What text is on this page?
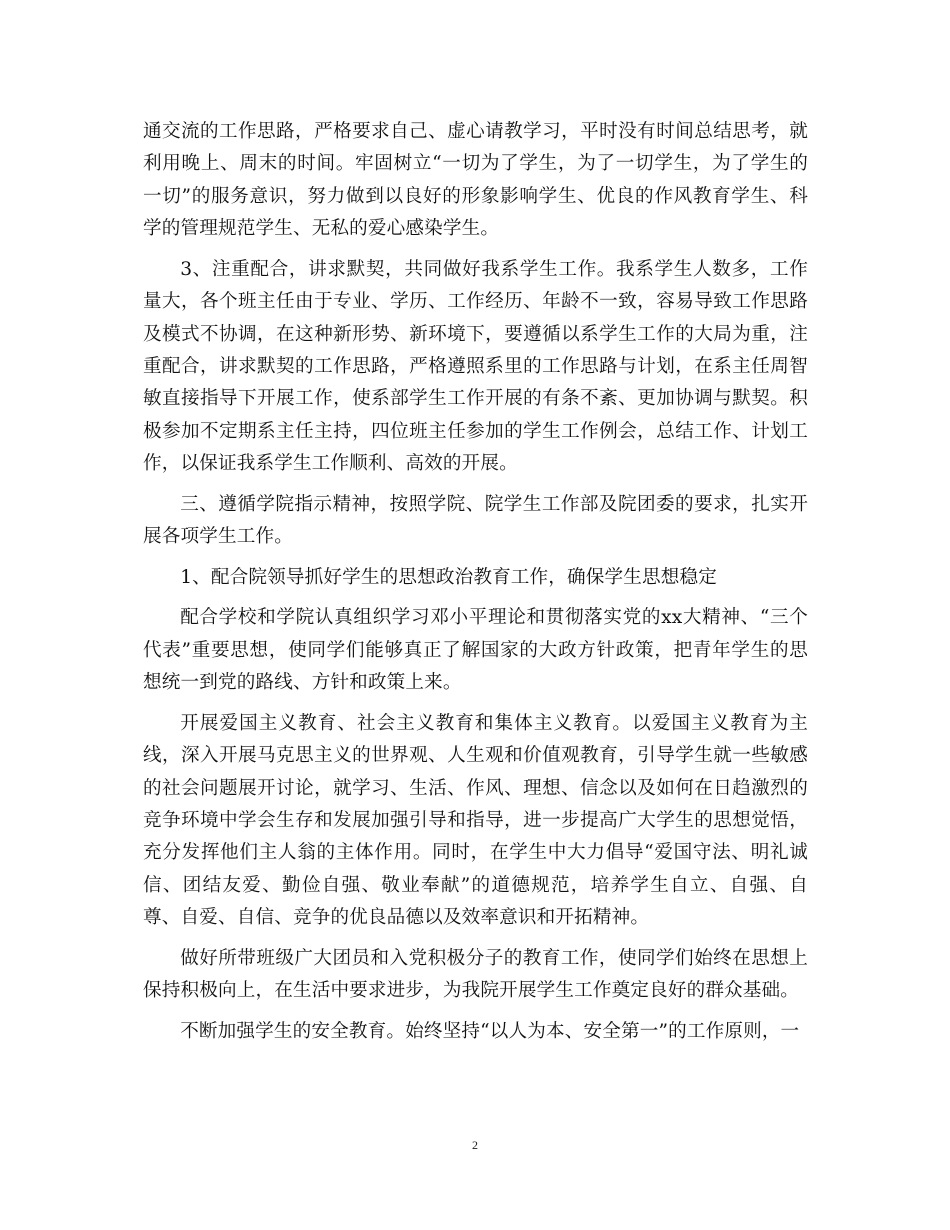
通交流的工作思路，严格要求自己、虚心请教学习，平时没有时间总结思考，就利用晚上、周末的时间。牢固树立“一切为了学生，为了一切学生，为了学生的一切”的服务意识，努力做到以良好的形象影响学生、优良的作风教育学生、科学的管理规范学生、无私的爱心感染学生。

3、注重配合，讲求默契，共同做好我系学生工作。我系学生人数多，工作量大，各个班主任由于专业、学历、工作经历、年龄不一致，容易导致工作思路及模式不协调，在这种新形势、新环境下，要遵循以系学生工作的大局为重，注重配合，讲求默契的工作思路，严格遵照系里的工作思路与计划，在系主任周智敏直接指导下开展工作，使系部学生工作开展的有条不紊、更加协调与默契。积极参加不定期系主任主持，四位班主任参加的学生工作例会，总结工作、计划工作，以保证我系学生工作顺利、高效的开展。

三、遵循学院指示精神，按照学院、院学生工作部及院团委的要求，扎实开展各项学生工作。

1、配合院领导抓好学生的思想政治教育工作，确保学生思想稳定

配合学校和学院认真组织学习邓小平理论和贯彻落实党的xx大精神、“三个代表”重要思想，使同学们能够真正了解国家的大政方针政策，把青年学生的思想统一到党的路线、方针和政策上来。

开展爱国主义教育、社会主义教育和集体主义教育。以爱国主义教育为主线，深入开展马克思主义的世界观、人生观和价值观教育，引导学生就一些敏感的社会问题展开讨论，就学习、生活、作风、理想、信念以及如何在日趋激烈的竞争环境中学会生存和发展加强引导和指导，进一步提高广大学生的思想觉悟，充分发挥他们主人翁的主体作用。同时，在学生中大力倡导“爱国守法、明礼诚信、团结友爱、勤俭自强、敬业奉献”的道德规范，培养学生自立、自强、自尊、自爱、自信、竞争的优良品德以及效率意识和开拓精神。

做好所带班级广大团员和入党积极分子的教育工作，使同学们始终在思想上保持积极向上，在生活中要求进步，为我院开展学生工作奠定良好的群众基础。

不断加强学生的安全教育。始终坚持“以人为本、安全第一”的工作原则，一

2
